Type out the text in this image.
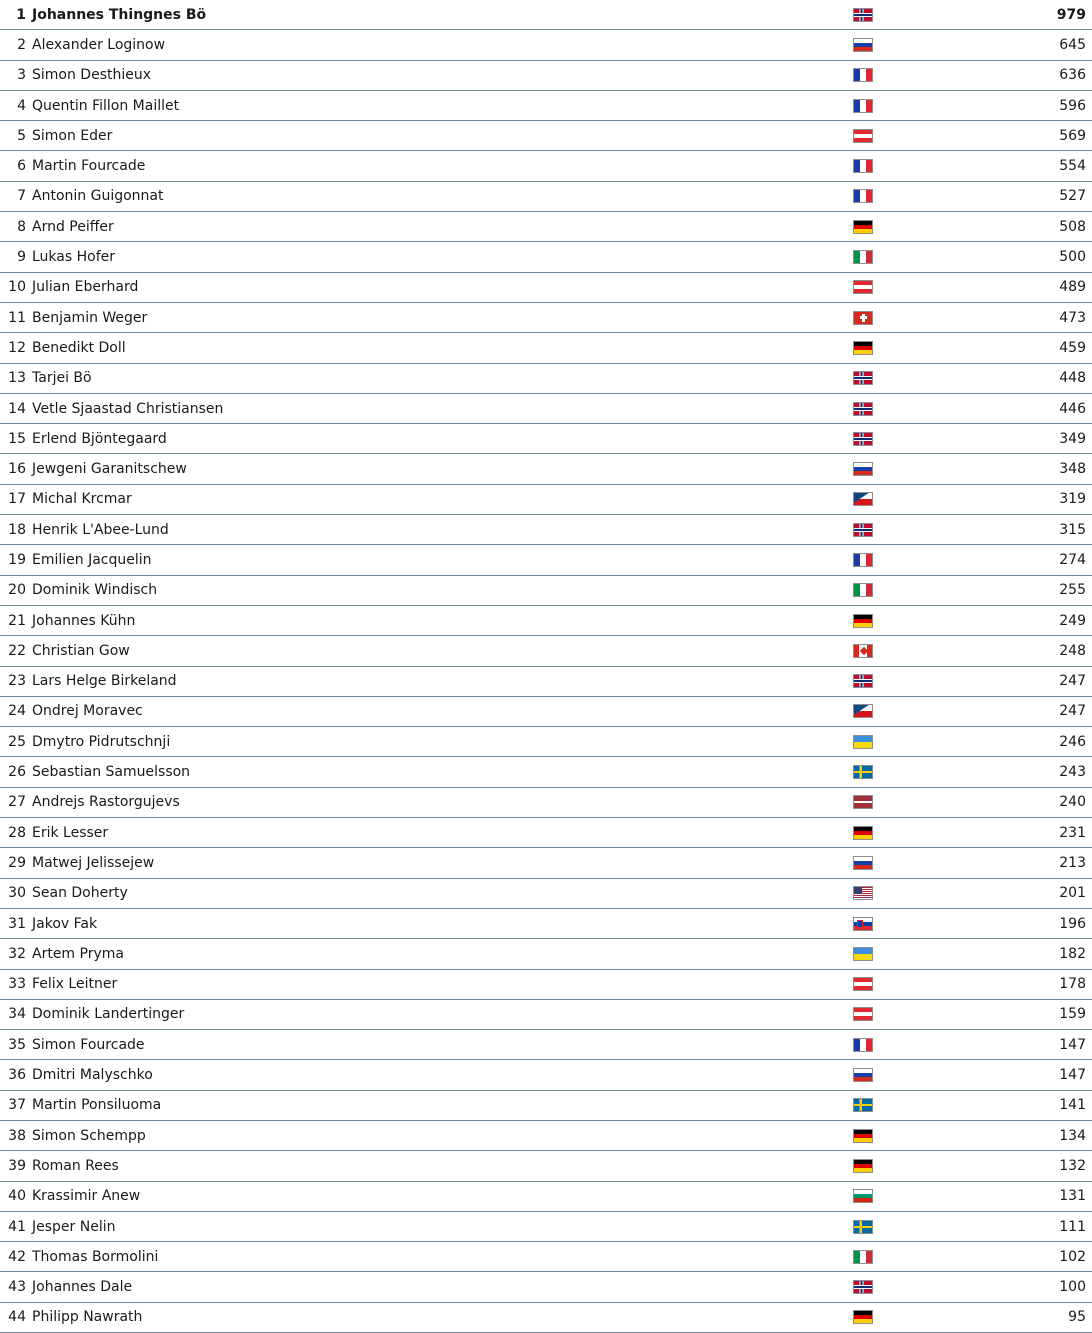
1	Johannes Thingnes Bö		979
2	Alexander Loginow		645
3	Simon Desthieux		636
4	Quentin Fillon Maillet		596
5	Simon Eder		569
6	Martin Fourcade		554
7	Antonin Guigonnat		527
8	Arnd Peiffer		508
9	Lukas Hofer		500
10	Julian Eberhard		489
11	Benjamin Weger		473
12	Benedikt Doll		459
13	Tarjei Bö		448
14	Vetle Sjaastad Christiansen		446
15	Erlend Bjöntegaard		349
16	Jewgeni Garanitschew		348
17	Michal Krcmar		319
18	Henrik L'Abee-Lund		315
19	Emilien Jacquelin		274
20	Dominik Windisch		255
21	Johannes Kühn		249
22	Christian Gow		248
23	Lars Helge Birkeland		247
24	Ondrej Moravec		247
25	Dmytro Pidrutschnji		246
26	Sebastian Samuelsson		243
27	Andrejs Rastorgujevs		240
28	Erik Lesser		231
29	Matwej Jelissejew		213
30	Sean Doherty		201
31	Jakov Fak		196
32	Artem Pryma		182
33	Felix Leitner		178
34	Dominik Landertinger		159
35	Simon Fourcade		147
36	Dmitri Malyschko		147
37	Martin Ponsiluoma		141
38	Simon Schempp		134
39	Roman Rees		132
40	Krassimir Anew		131
41	Jesper Nelin		111
42	Thomas Bormolini		102
43	Johannes Dale		100
44	Philipp Nawrath		95
